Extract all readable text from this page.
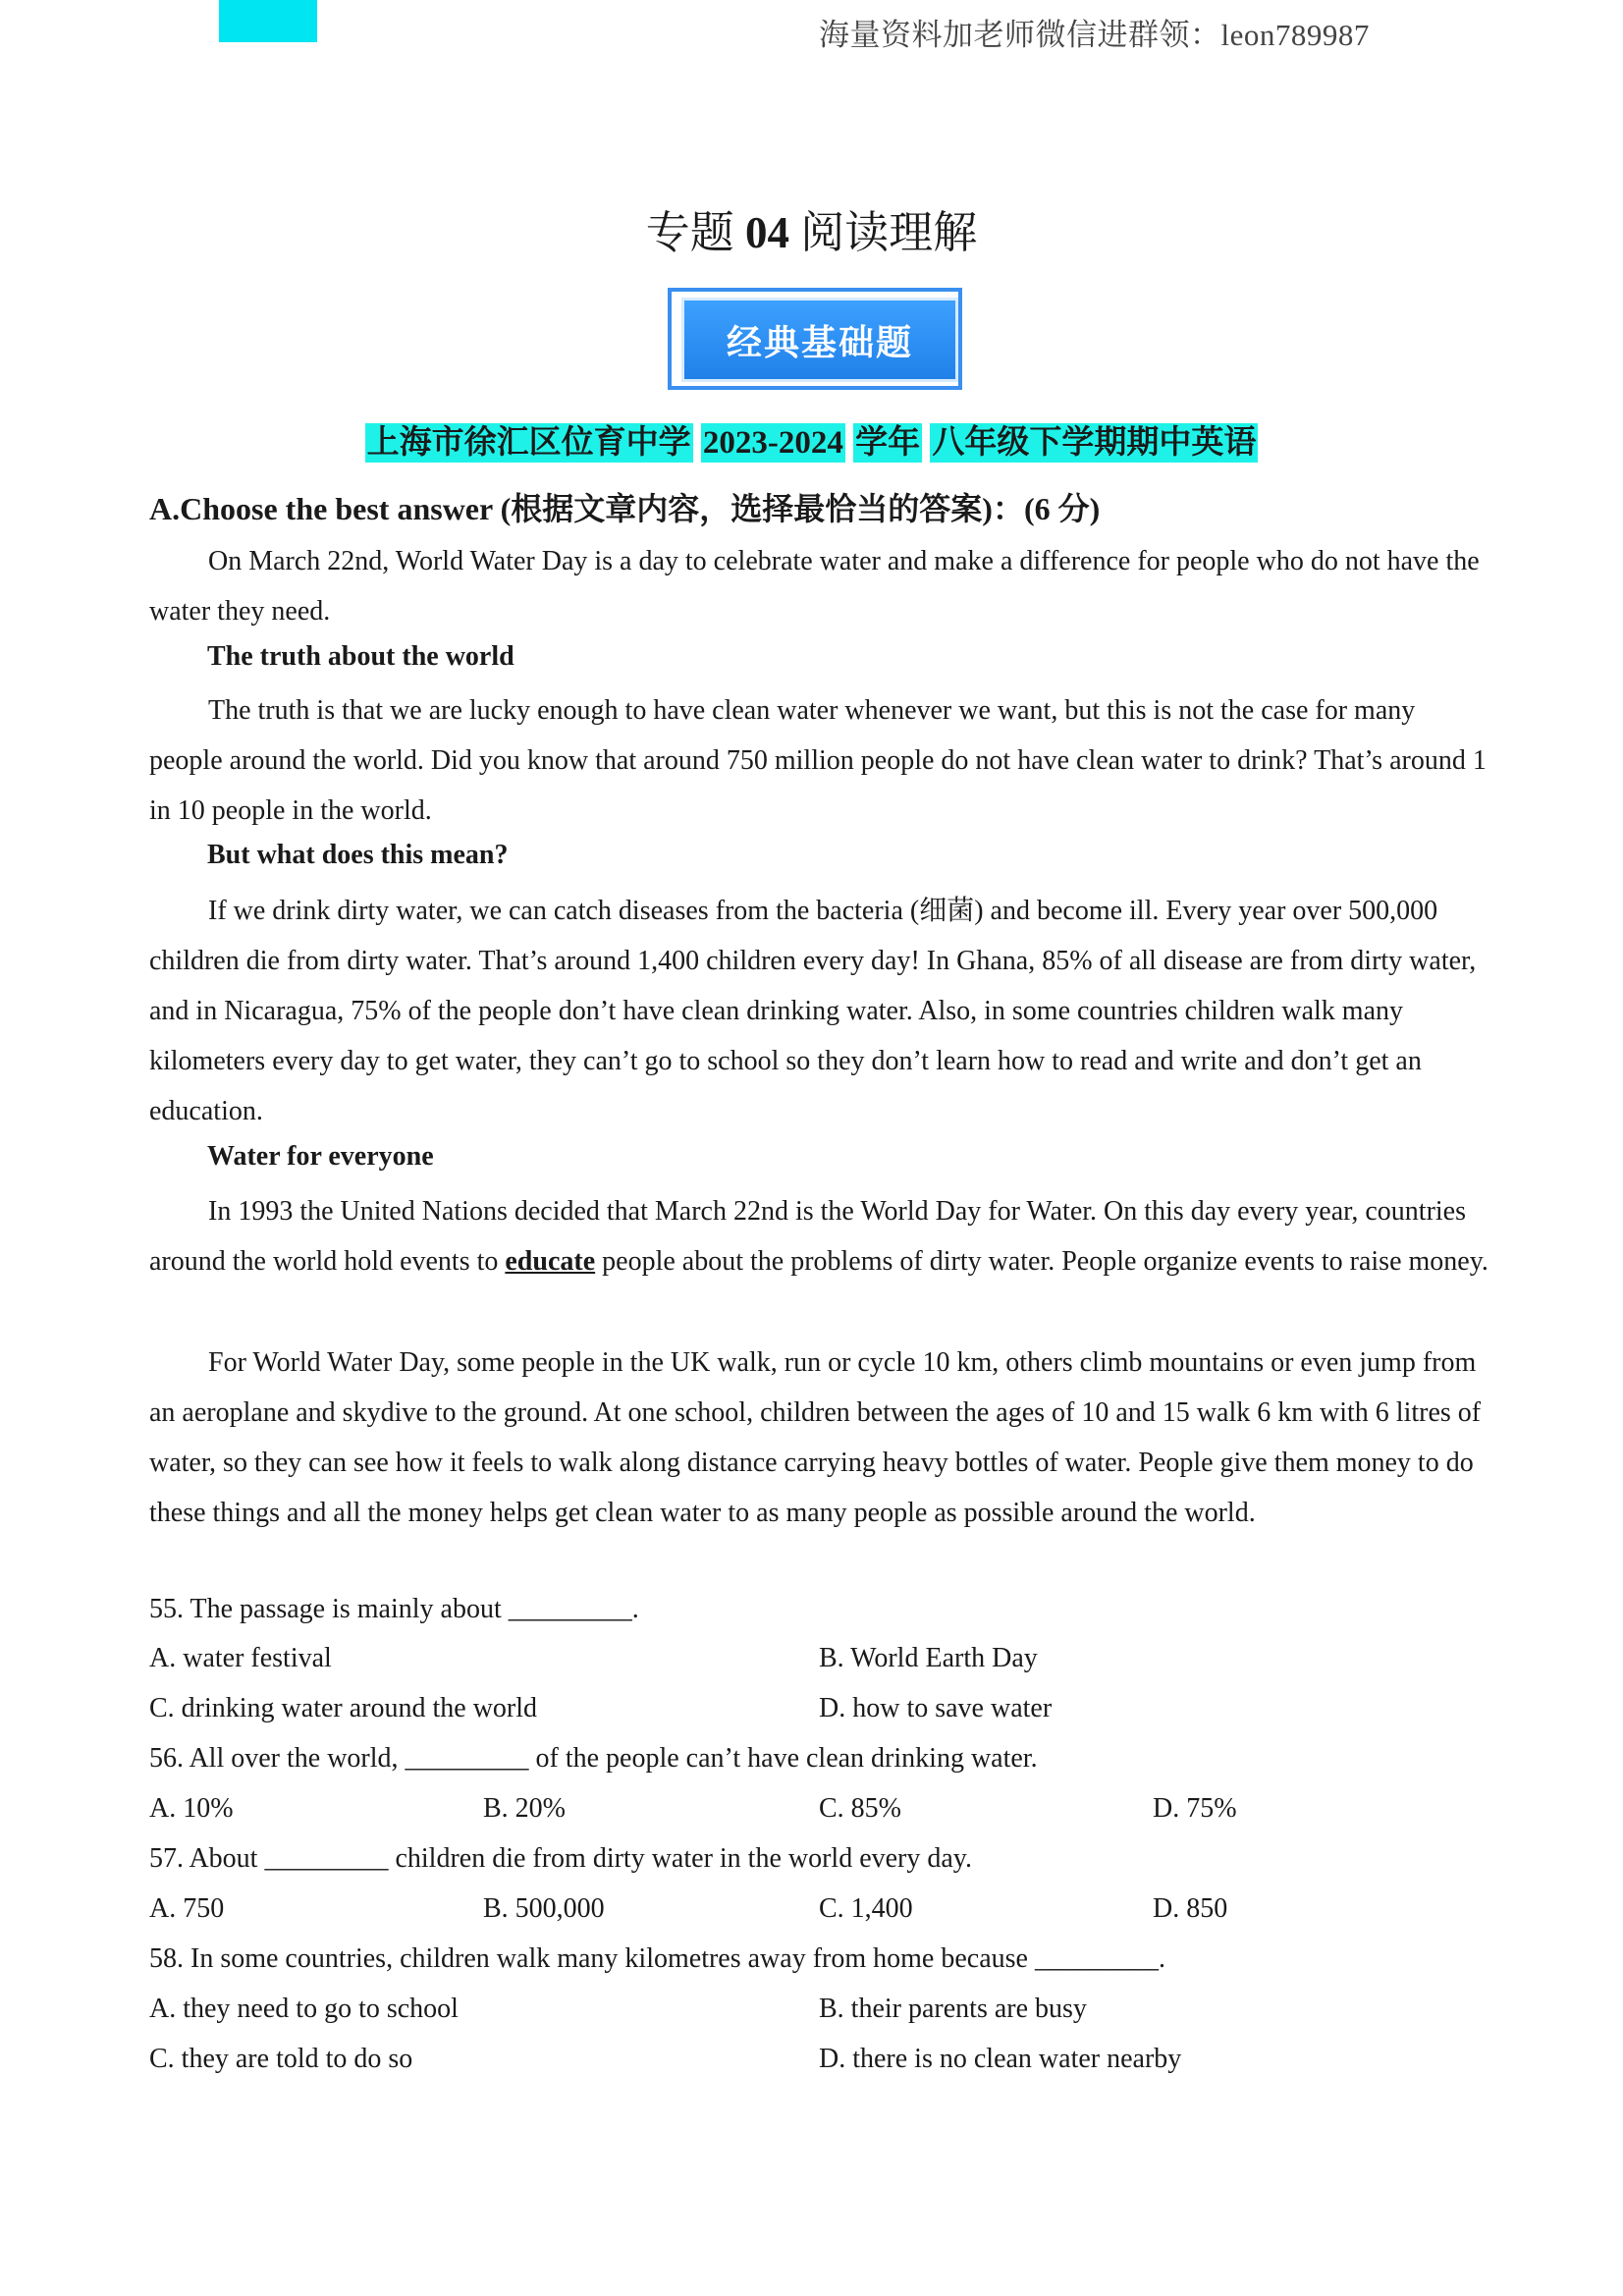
海量资料加老师微信进群领：leon789987
专题 04 阅读理解
经典基础题
上海市徐汇区位育中学 2023-2024 学年 八年级下学期期中英语
A.Choose the best answer (根据文章内容，选择最恰当的答案)：(6 分)
On March 22nd, World Water Day is a day to celebrate water and make a difference for people who do not have the water they need.
The truth about the world
The truth is that we are lucky enough to have clean water whenever we want, but this is not the case for many people around the world. Did you know that around 750 million people do not have clean water to drink? That’s around 1 in 10 people in the world.
But what does this mean?
If we drink dirty water, we can catch diseases from the bacteria (细菌) and become ill. Every year over 500,000 children die from dirty water. That’s around 1,400 children every day! In Ghana, 85% of all disease are from dirty water, and in Nicaragua, 75% of the people don’t have clean drinking water. Also, in some countries children walk many kilometers every day to get water, they can’t go to school so they don’t learn how to read and write and don’t get an education.
Water for everyone
In 1993 the United Nations decided that March 22nd is the World Day for Water. On this day every year, countries around the world hold events to educate people about the problems of dirty water. People organize events to raise money.
For World Water Day, some people in the UK walk, run or cycle 10 km, others climb mountains or even jump from an aeroplane and skydive to the ground. At one school, children between the ages of 10 and 15 walk 6 km with 6 litres of water, so they can see how it feels to walk along distance carrying heavy bottles of water. People give them money to do these things and all the money helps get clean water to as many people as possible around the world.
55. The passage is mainly about _________.
A. water festival	B. World Earth Day
C. drinking water around the world	D. how to save water
56. All over the world, _________ of the people can’t have clean drinking water.
A. 10%	B. 20%	C. 85%	D. 75%
57. About _________ children die from dirty water in the world every day.
A. 750	B. 500,000	C. 1,400	D. 850
58. In some countries, children walk many kilometres away from home because _________.
A. they need to go to school	B. their parents are busy
C. they are told to do so	D. there is no clean water nearby
